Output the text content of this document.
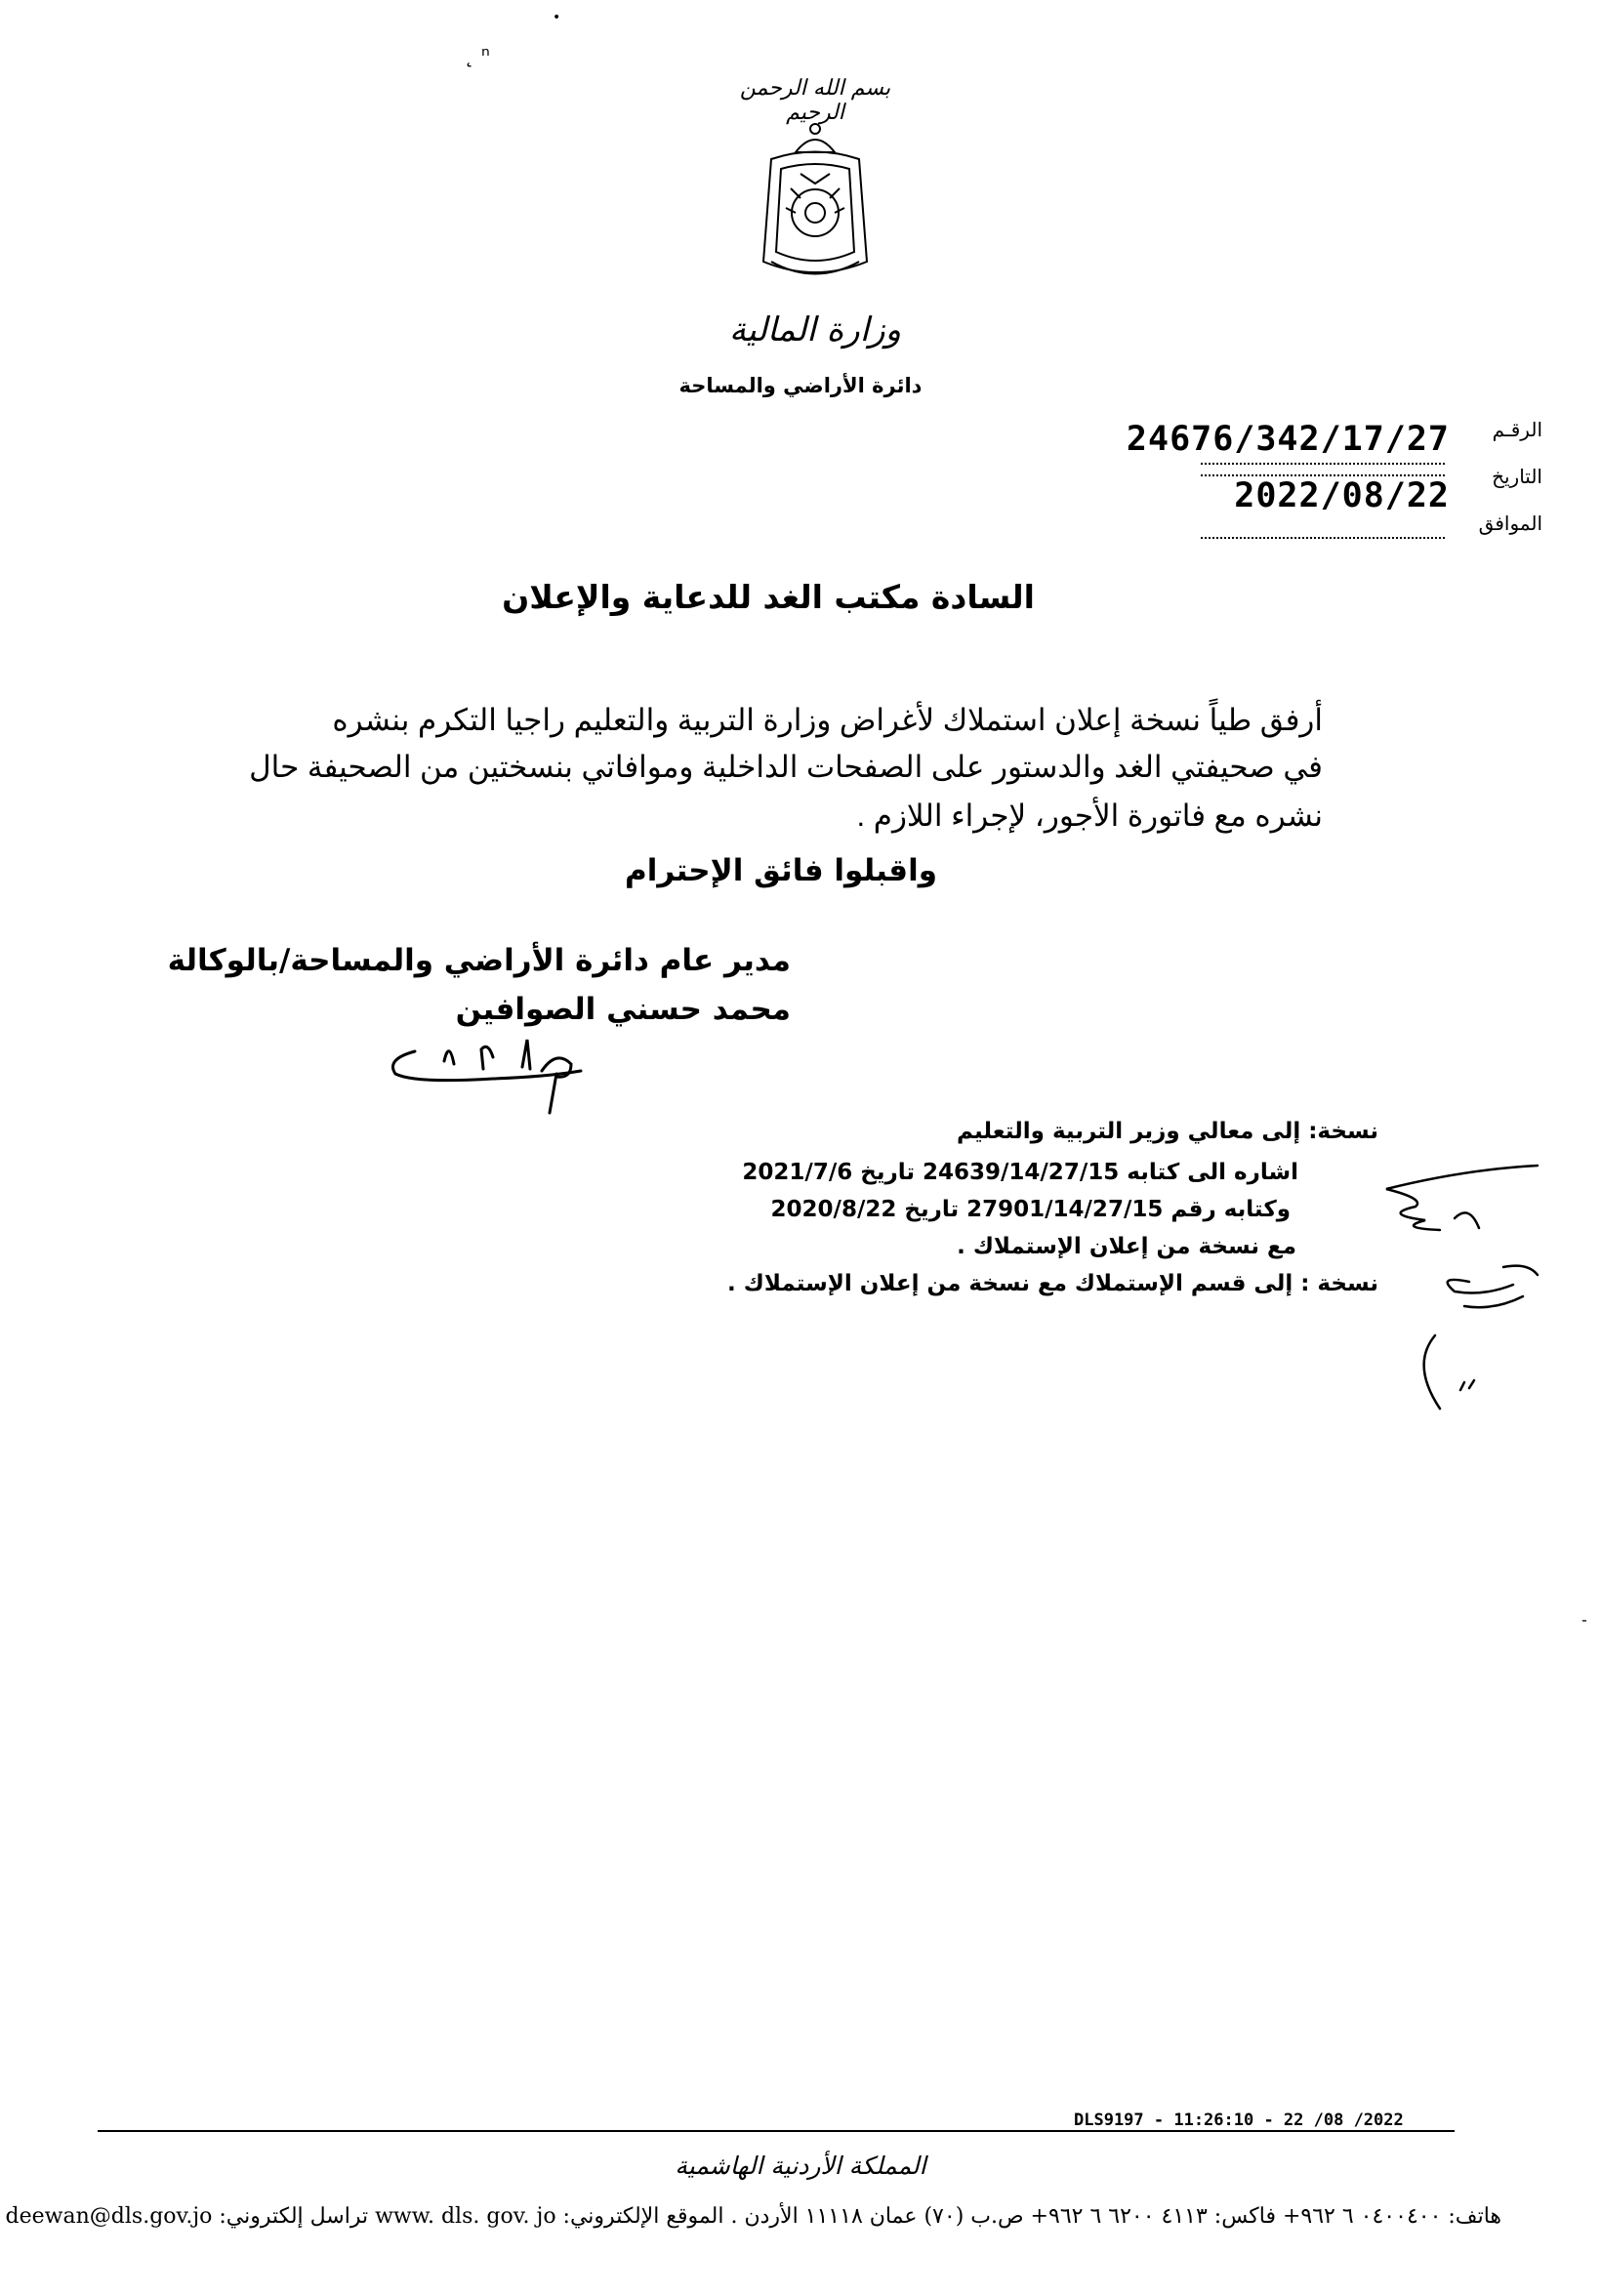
˛ ⁿ
•
بسم الله الرحمن الرحيم
وزارة المالية
دائرة الأراضي والمساحة
الرقـم
24676/342/17/27
التاريخ
2022/08/22
الموافق
السادة مكتب الغد للدعاية والإعلان
أرفق طياً نسخة إعلان استملاك لأغراض وزارة التربية والتعليم راجيا التكرم بنشره
في صحيفتي الغد والدستور على الصفحات الداخلية وموافاتي بنسختين من الصحيفة حال
نشره مع فاتورة الأجور، لإجراء اللازم .
واقبلوا فائق الإحترام
مدير عام دائرة الأراضي والمساحة/بالوكالة
محمد حسني الصوافين
نسخة: إلى معالي وزير التربية والتعليم
اشاره الى كتابه 24639/14/27/15 تاريخ 2021/7/6
وكتابه رقم 27901/14/27/15 تاريخ 2020/8/22
مع نسخة من إعلان الإستملاك .
نسخة : إلى قسم الإستملاك مع نسخة من إعلان الإستملاك .
-
DLS9197 - 11:26:10 - 22 /08 /2022
المملكة الأردنية الهاشمية
هاتف: ٠٤٠٠٤٠٠ ٦ ٩٦٢+ فاكس: ٤١١٣ ٦٢٠٠ ٦ ٩٦٢+ ص.ب (٧٠) عمان ١١١١٨ الأردن . الموقع الإلكتروني: www. dls. gov. jo تراسل إلكتروني: deewan@dls.gov.jo
